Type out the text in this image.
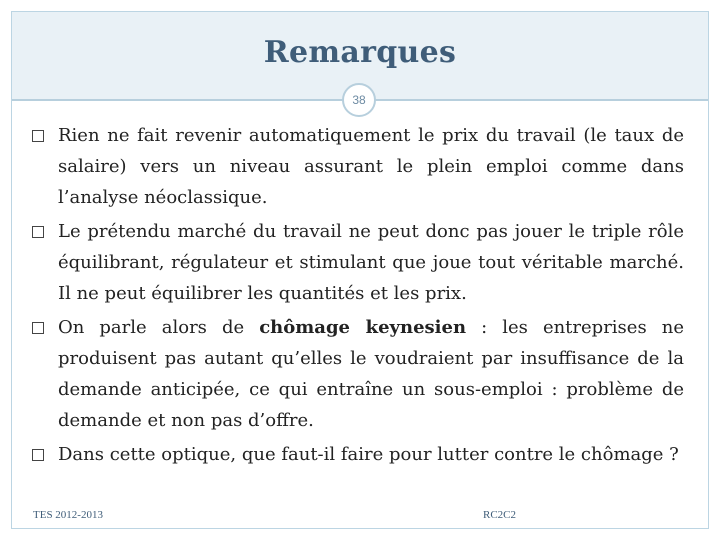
Remarques
38
Rien ne fait revenir automatiquement le prix du travail (le taux de salaire) vers un niveau assurant le plein emploi comme dans l’analyse néoclassique.
Le prétendu marché du travail ne peut donc pas jouer le triple rôle équilibrant, régulateur et stimulant que joue tout véritable marché. Il ne peut équilibrer les quantités et les prix.
On parle alors de chômage keynesien : les entreprises ne produisent pas autant qu’elles le voudraient par insuffisance de la demande anticipée, ce qui entraîne un sous-emploi : problème de demande et non pas d’offre.
Dans cette optique, que faut-il faire pour lutter contre le chômage ?
TES 2012-2013	RC2C2
